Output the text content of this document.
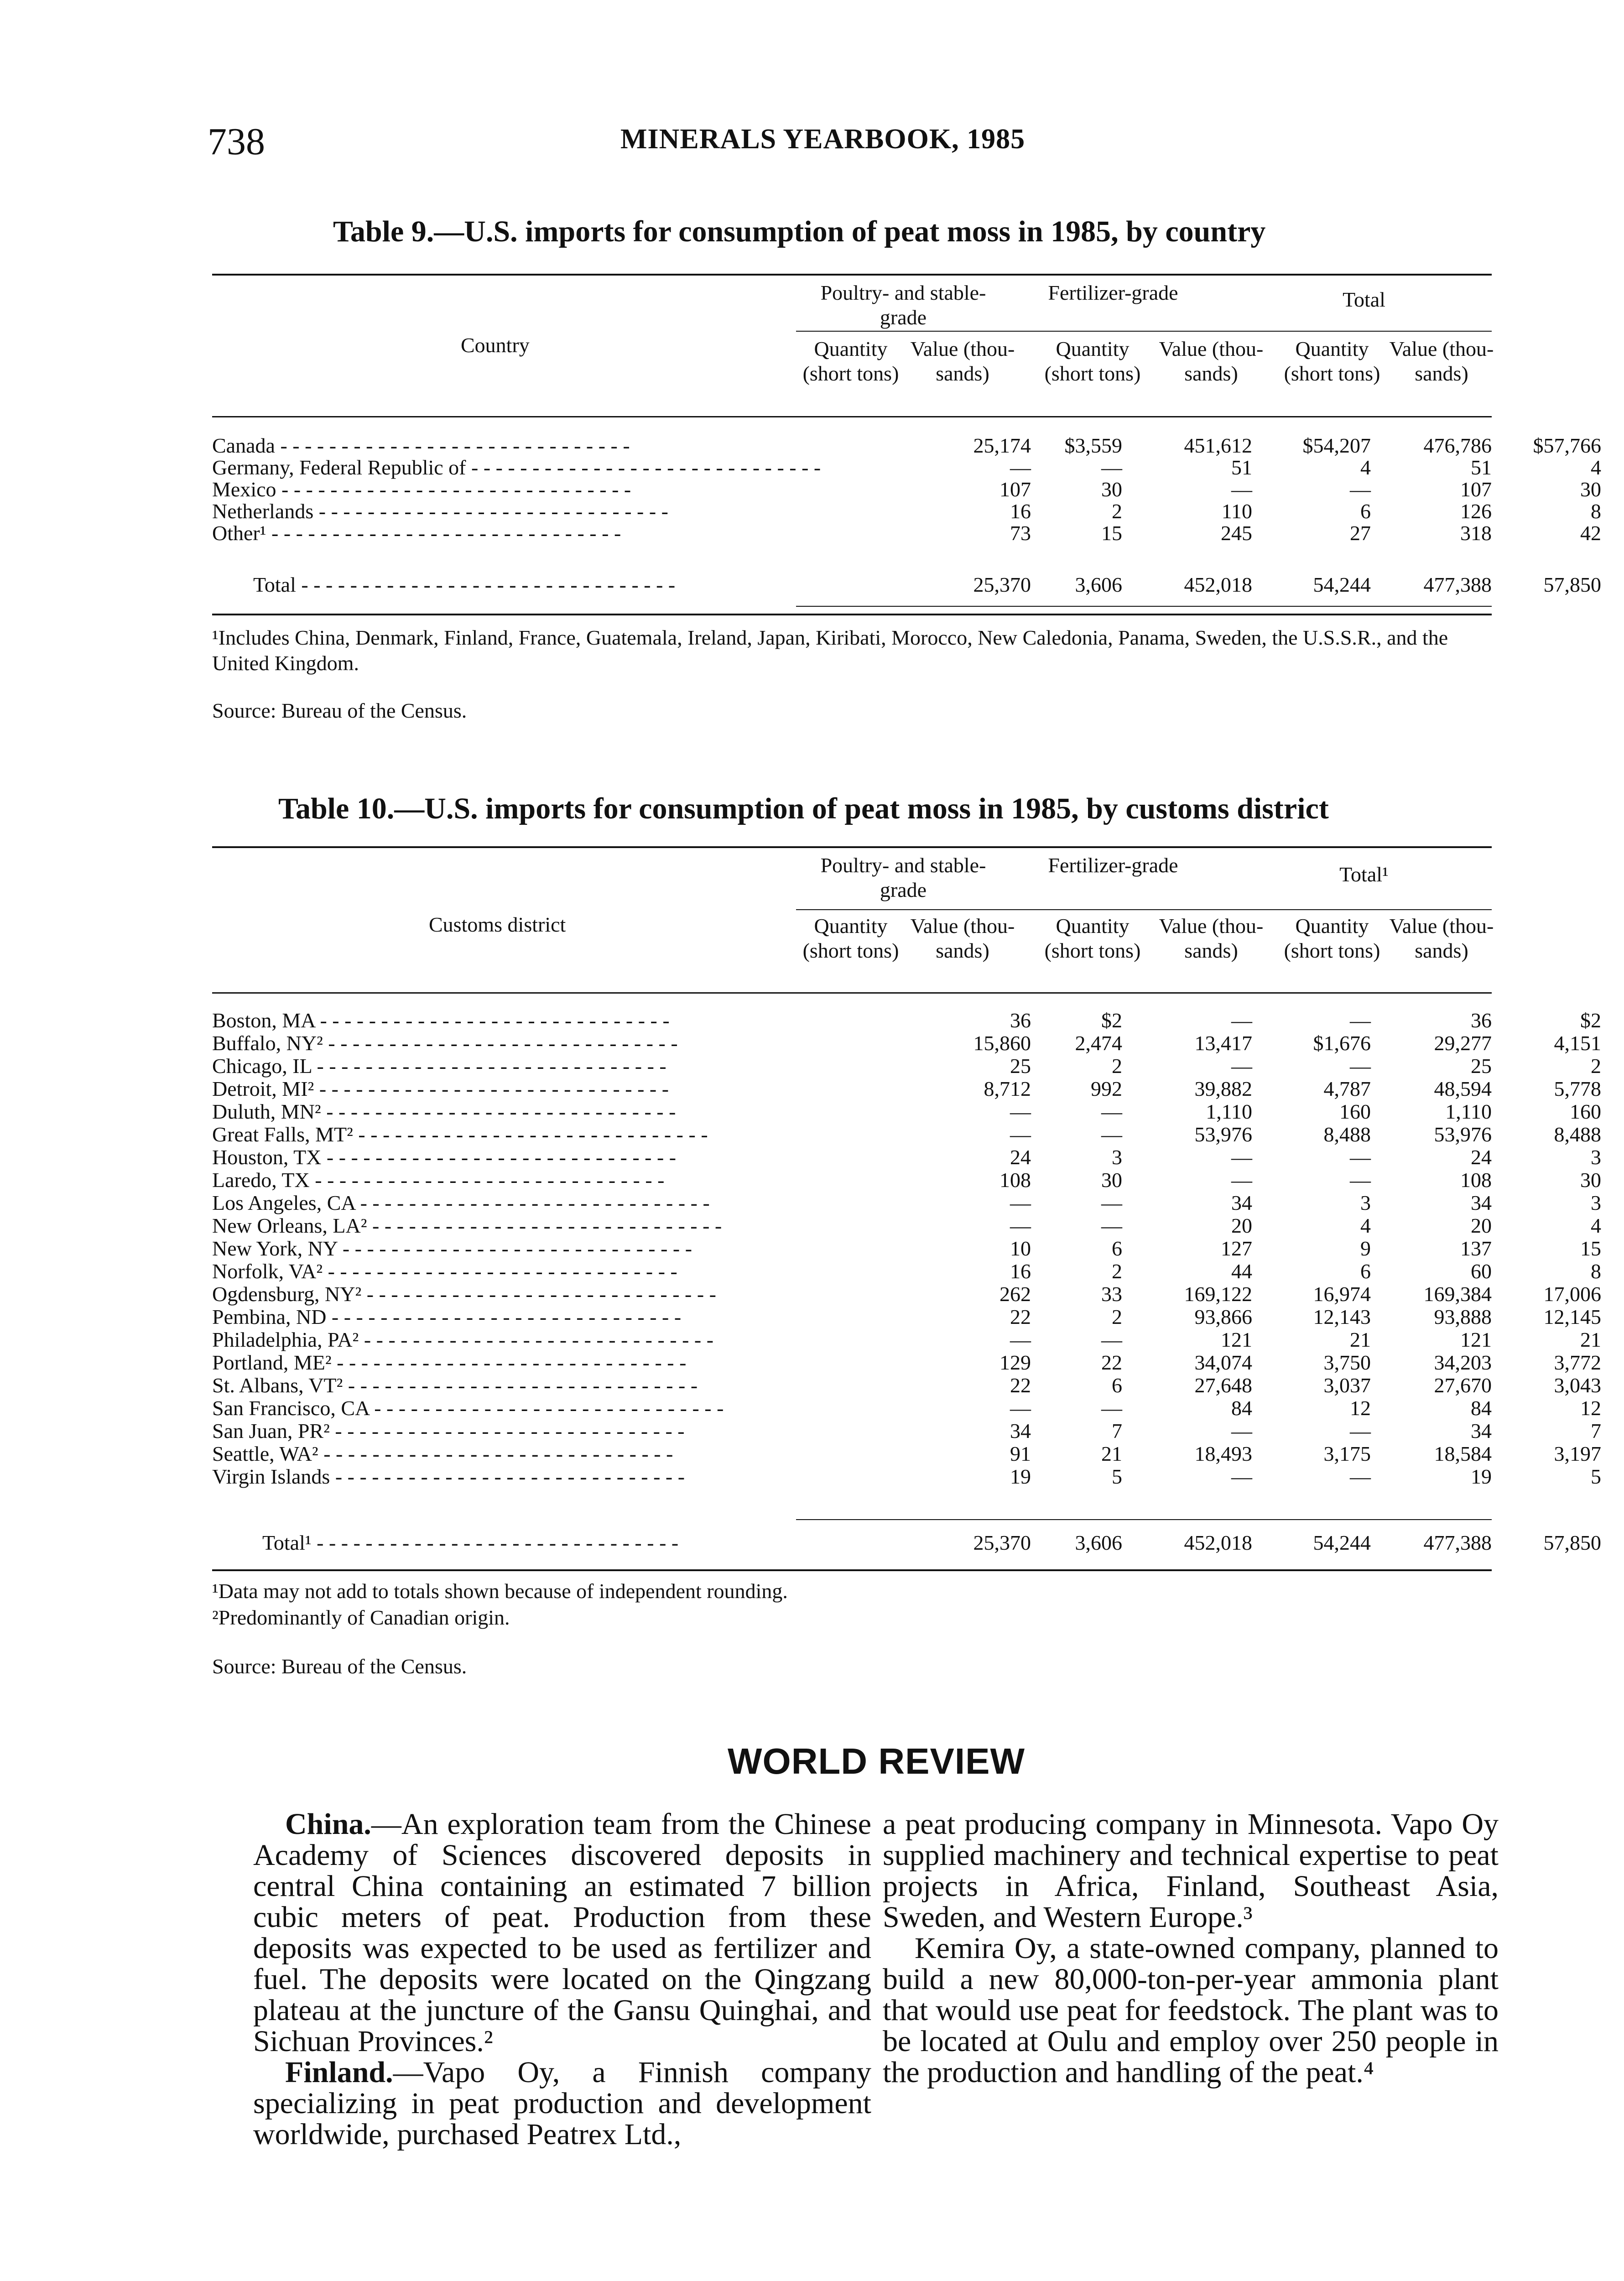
738	MINERALS YEARBOOK, 1985
Table 9.—U.S. imports for consumption of peat moss in 1985, by country
Country
Poultry- and stable-grade
Fertilizer-grade	Total
Quantity (short tons)
Value (thou-sands)
Quantity (short tons)
Value (thou-sands)
Quantity (short tons)
Value (thou-sands)
Canada - - - - - - - - - - - - - - - - - - - - - - - - - - - - -	25,174	$3,559	451,612	$54,207	476,786	$57,766
Germany, Federal Republic of - - - - - - - - - - - - - - - - - - - - - - - - - - - - -	—	—	51	4	51	4
Mexico - - - - - - - - - - - - - - - - - - - - - - - - - - - - -	107	30	—	—	107	30
Netherlands - - - - - - - - - - - - - - - - - - - - - - - - - - - - -	16	2	110	6	126	8
Other¹ - - - - - - - - - - - - - - - - - - - - - - - - - - - - -	73	15	245	27	318	42
Total - - - - - - - - - - - - - - - - - - - - - - - - - - - - - - -	25,370	3,606	452,018	54,244	477,388	57,850
¹Includes China, Denmark, Finland, France, Guatemala, Ireland, Japan, Kiribati, Morocco, New Caledonia, Panama, Sweden, the U.S.S.R., and the United Kingdom.
Source: Bureau of the Census.
Table 10.—U.S. imports for consumption of peat moss in 1985, by customs district
Customs district
Poultry- and stable-grade
Fertilizer-grade	Total¹
Quantity (short tons)
Value (thou-sands)
Quantity (short tons)
Value (thou-sands)
Quantity (short tons)
Value (thou-sands)
Boston, MA - - - - - - - - - - - - - - - - - - - - - - - - - - - - -	36	$2	—	—	36	$2
Buffalo, NY² - - - - - - - - - - - - - - - - - - - - - - - - - - - - -	15,860	2,474	13,417	$1,676	29,277	4,151
Chicago, IL - - - - - - - - - - - - - - - - - - - - - - - - - - - - -	25	2	—	—	25	2
Detroit, MI² - - - - - - - - - - - - - - - - - - - - - - - - - - - - -	8,712	992	39,882	4,787	48,594	5,778
Duluth, MN² - - - - - - - - - - - - - - - - - - - - - - - - - - - - -	—	—	1,110	160	1,110	160
Great Falls, MT² - - - - - - - - - - - - - - - - - - - - - - - - - - - - -	—	—	53,976	8,488	53,976	8,488
Houston, TX - - - - - - - - - - - - - - - - - - - - - - - - - - - - -	24	3	—	—	24	3
Laredo, TX - - - - - - - - - - - - - - - - - - - - - - - - - - - - -	108	30	—	—	108	30
Los Angeles, CA - - - - - - - - - - - - - - - - - - - - - - - - - - - - -	—	—	34	3	34	3
New Orleans, LA² - - - - - - - - - - - - - - - - - - - - - - - - - - - - -	—	—	20	4	20	4
New York, NY - - - - - - - - - - - - - - - - - - - - - - - - - - - - -	10	6	127	9	137	15
Norfolk, VA² - - - - - - - - - - - - - - - - - - - - - - - - - - - - -	16	2	44	6	60	8
Ogdensburg, NY² - - - - - - - - - - - - - - - - - - - - - - - - - - - - -	262	33	169,122	16,974	169,384	17,006
Pembina, ND - - - - - - - - - - - - - - - - - - - - - - - - - - - - -	22	2	93,866	12,143	93,888	12,145
Philadelphia, PA² - - - - - - - - - - - - - - - - - - - - - - - - - - - - -	—	—	121	21	121	21
Portland, ME² - - - - - - - - - - - - - - - - - - - - - - - - - - - - -	129	22	34,074	3,750	34,203	3,772
St. Albans, VT² - - - - - - - - - - - - - - - - - - - - - - - - - - - - -	22	6	27,648	3,037	27,670	3,043
San Francisco, CA - - - - - - - - - - - - - - - - - - - - - - - - - - - - -	—	—	84	12	84	12
San Juan, PR² - - - - - - - - - - - - - - - - - - - - - - - - - - - - -	34	7	—	—	34	7
Seattle, WA² - - - - - - - - - - - - - - - - - - - - - - - - - - - - -	91	21	18,493	3,175	18,584	3,197
Virgin Islands - - - - - - - - - - - - - - - - - - - - - - - - - - - - -	19	5	—	—	19	5
Total¹ - - - - - - - - - - - - - - - - - - - - - - - - - - - - - -	25,370	3,606	452,018	54,244	477,388	57,850
¹Data may not add to totals shown because of independent rounding.
²Predominantly of Canadian origin.
Source: Bureau of the Census.
WORLD REVIEW

China.—An exploration team from the Chinese Academy of Sciences discovered deposits in central China containing an estimated 7 billion cubic meters of peat. Production from these deposits was expected to be used as fertilizer and fuel. The deposits were located on the Qingzang plateau at the juncture of the Gansu Quinghai, and Sichuan Provinces.²

Finland.—Vapo Oy, a Finnish company specializing in peat production and development worldwide, purchased Peatrex Ltd.,

a peat producing company in Minnesota. Vapo Oy supplied machinery and technical expertise to peat projects in Africa, Finland, Southeast Asia, Sweden, and Western Europe.³

Kemira Oy, a state-owned company, planned to build a new 80,000-ton-per-year ammonia plant that would use peat for feedstock. The plant was to be located at Oulu and employ over 250 people in the production and handling of the peat.⁴
